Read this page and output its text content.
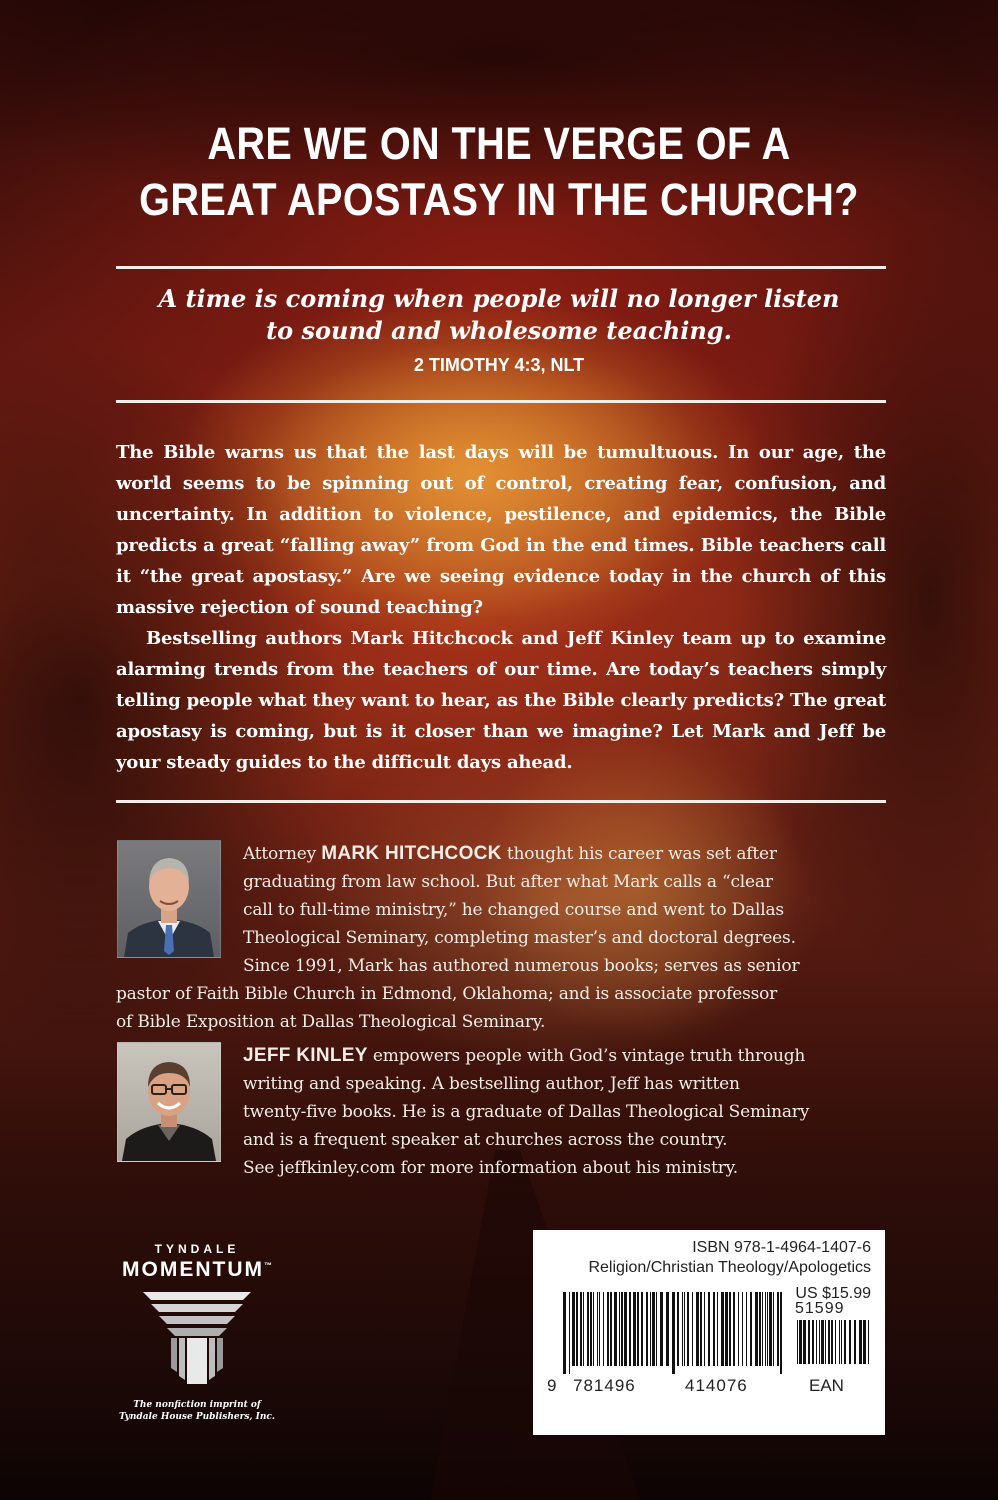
ARE WE ON THE VERGE OF A
GREAT APOSTASY IN THE CHURCH?
A time is coming when people will no longer listen
to sound and wholesome teaching.
2 TIMOTHY 4:3, NLT

The Bible warns us that the last days will be tumultuous. In our age, the world seems to be spinning out of control, creating fear, confusion, and uncertainty. In addition to violence, pestilence, and epidemics, the Bible predicts a great “falling away” from God in the end times. Bible teachers call it “the great apostasy.” Are we seeing evidence today in the church of this massive rejection of sound teaching?

Bestselling authors Mark Hitchcock and Jeff Kinley team up to examine alarming trends from the teachers of our time. Are today’s teachers simply telling people what they want to hear, as the Bible clearly predicts? The great apostasy is coming, but is it closer than we imagine? Let Mark and Jeff be your steady guides to the difficult days ahead.

Attorney MARK HITCHCOCK thought his career was set after
graduating from law school. But after what Mark calls a “clear
call to full-time ministry,” he changed course and went to Dallas
Theological Seminary, completing master’s and doctoral degrees.
Since 1991, Mark has authored numerous books; serves as senior
pastor of Faith Bible Church in Edmond, Oklahoma; and is associate professor
of Bible Exposition at Dallas Theological Seminary.
JEFF KINLEY empowers people with God’s vintage truth through
writing and speaking. A bestselling author, Jeff has written
twenty-five books. He is a graduate of Dallas Theological Seminary
and is a frequent speaker at churches across the country.
See jeffkinley.com for more information about his ministry.
TYNDALE
MOMENTUM™
The nonfiction imprint of
Tyndale House Publishers, Inc.
ISBN 978-1-4964-1407-6
Religion/Christian Theology/Apologetics
US $15.99
51599
9 781496	414076	EAN
